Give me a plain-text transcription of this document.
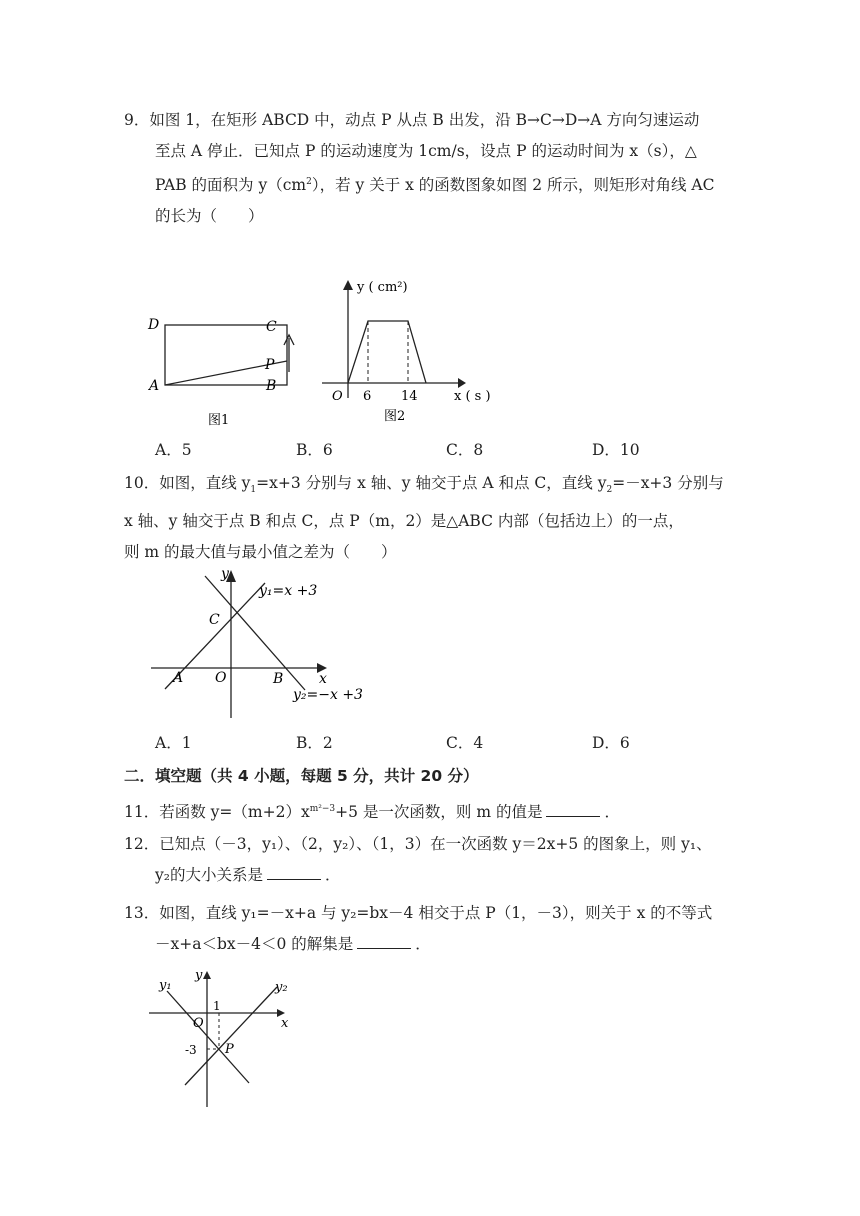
9．如图 1，在矩形 ABCD 中，动点 P 从点 B 出发，沿 B→C→D→A 方向匀速运动
至点 A 停止．已知点 P 的运动速度为 1cm/s，设点 P 的运动时间为 x（s），△
PAB 的面积为 $y(cm^2)$，若 y 关于 x 的函数图象如图 2 所示，则矩形对角线 AC
的长为（　　）
D	C
P
A	B
图1
y ( cm²)
x ( s )
O 6 14
图2
A．5	B．6	C．8	D．10
10．如图，直线 $y_1=x+3$ 分别与 x 轴、y 轴交于点 A 和点 C，直线 $y_2=-x+3$ 分别与
x 轴、y 轴交于点 B 和点 C，点 P（m，2）是△ABC 内部（包括边上）的一点，
则 m 的最大值与最小值之差为（　　）
y
y₁=x +3
C
A O	B	x
y₂=−x +3
A．1	B．2	C．4	D．6
二．填空题（共 4 小题，每题 5 分，共计 20 分）
11．若函数 $y=(m+2)x^{m^2-3}+5$ 是一次函数，则 m 的值是	．
12．已知点（－3，y₁）、（2，y₂）、（1，3）在一次函数 y＝2x+5 的图象上，则 y₁、
y₂的大小关系是	．
13．如图，直线 y₁=－x+a 与 y₂=bx－4 相交于点 P（1，－3），则关于 x 的不等式
－x+a＜bx－4＜0 的解集是	．
y₁
y
y₂
1
O	x
-3 P
